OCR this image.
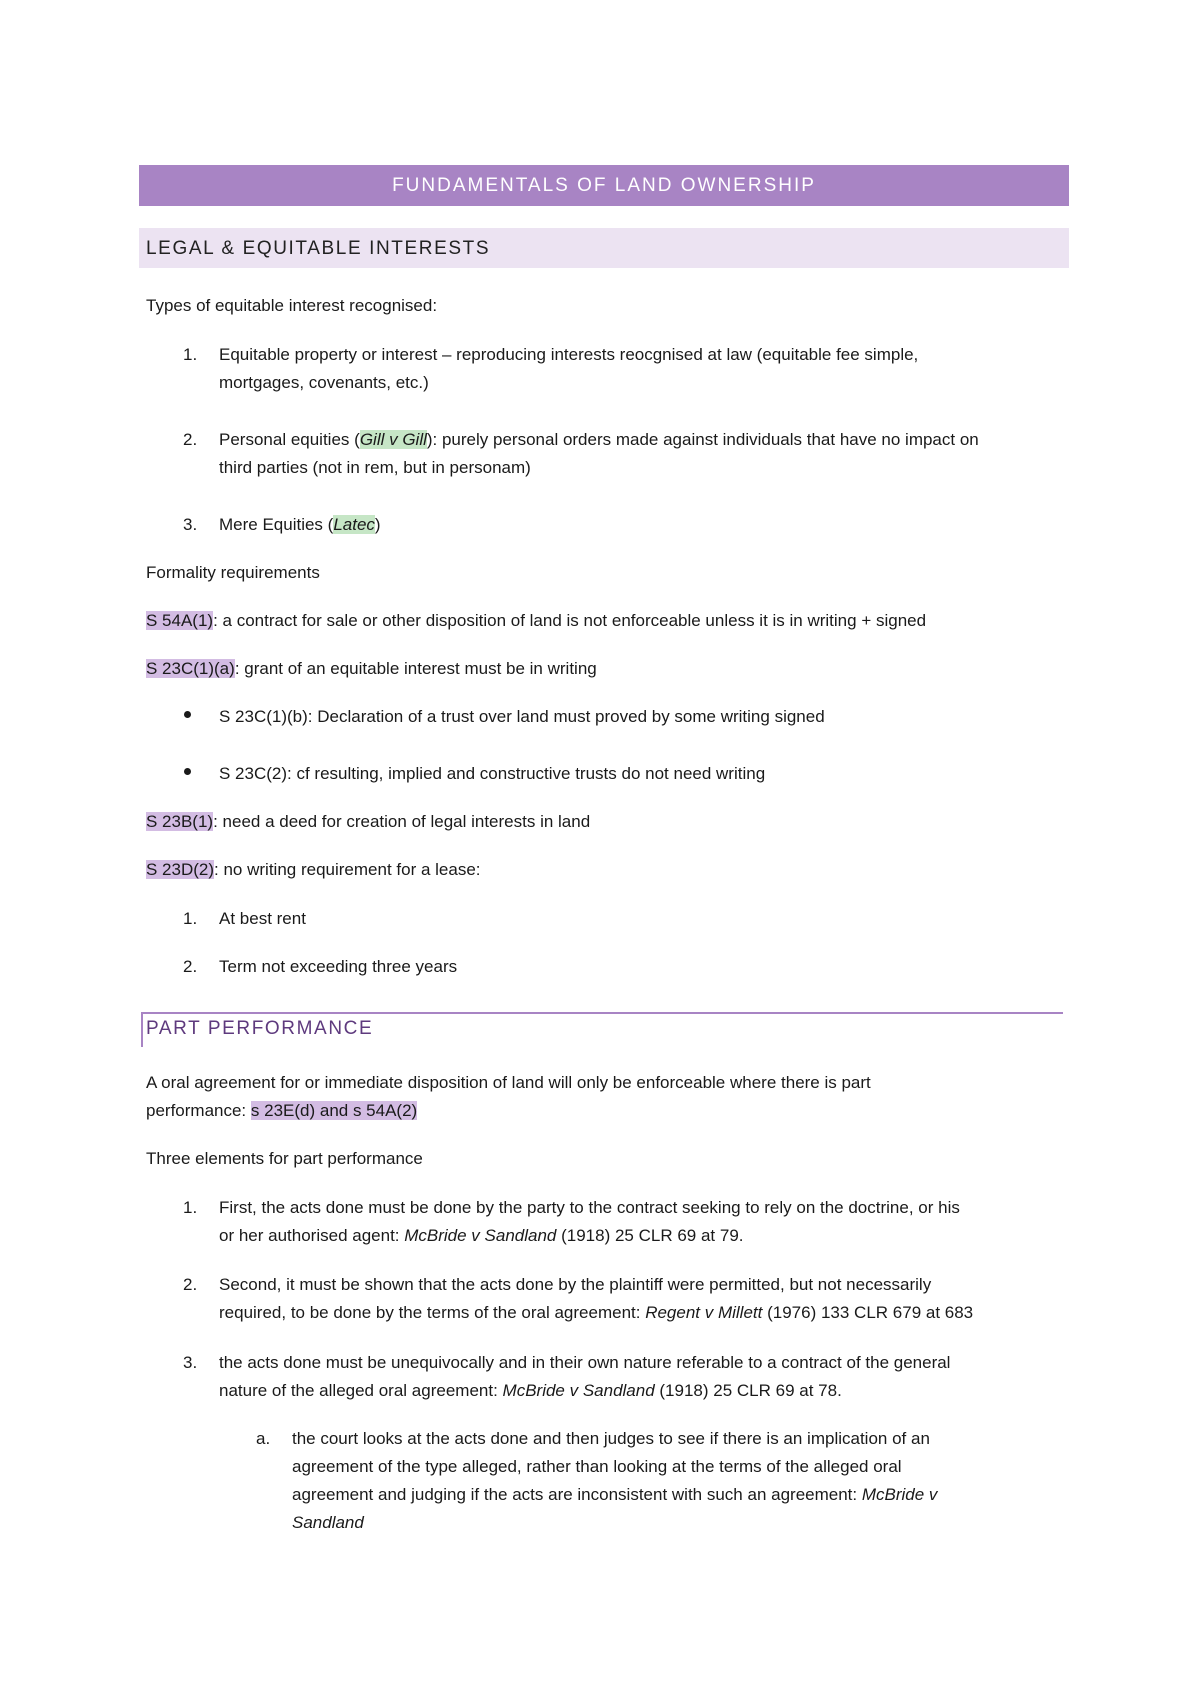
FUNDAMENTALS OF LAND OWNERSHIP
LEGAL & EQUITABLE INTERESTS
Types of equitable interest recognised:
1. Equitable property or interest – reproducing interests reocgnised at law (equitable fee simple,
mortgages, covenants, etc.)
2. Personal equities (Gill v Gill): purely personal orders made against individuals that have no impact on
third parties (not in rem, but in personam)
3. Mere Equities (Latec)
Formality requirements
S 54A(1): a contract for sale or other disposition of land is not enforceable unless it is in writing + signed
S 23C(1)(a): grant of an equitable interest must be in writing
S 23C(1)(b): Declaration of a trust over land must proved by some writing signed
S 23C(2): cf resulting, implied and constructive trusts do not need writing
S 23B(1): need a deed for creation of legal interests in land
S 23D(2): no writing requirement for a lease:
1. At best rent
2. Term not exceeding three years
PART PERFORMANCE
A oral agreement for or immediate disposition of land will only be enforceable where there is part
performance: s 23E(d) and s 54A(2)
Three elements for part performance
1. First, the acts done must be done by the party to the contract seeking to rely on the doctrine, or his
or her authorised agent: McBride v Sandland (1918) 25 CLR 69 at 79.
2. Second, it must be shown that the acts done by the plaintiff were permitted, but not necessarily
required, to be done by the terms of the oral agreement: Regent v Millett (1976) 133 CLR 679 at 683
3. the acts done must be unequivocally and in their own nature referable to a contract of the general
nature of the alleged oral agreement: McBride v Sandland (1918) 25 CLR 69 at 78.
a. the court looks at the acts done and then judges to see if there is an implication of an
agreement of the type alleged, rather than looking at the terms of the alleged oral
agreement and judging if the acts are inconsistent with such an agreement: McBride v
Sandland
